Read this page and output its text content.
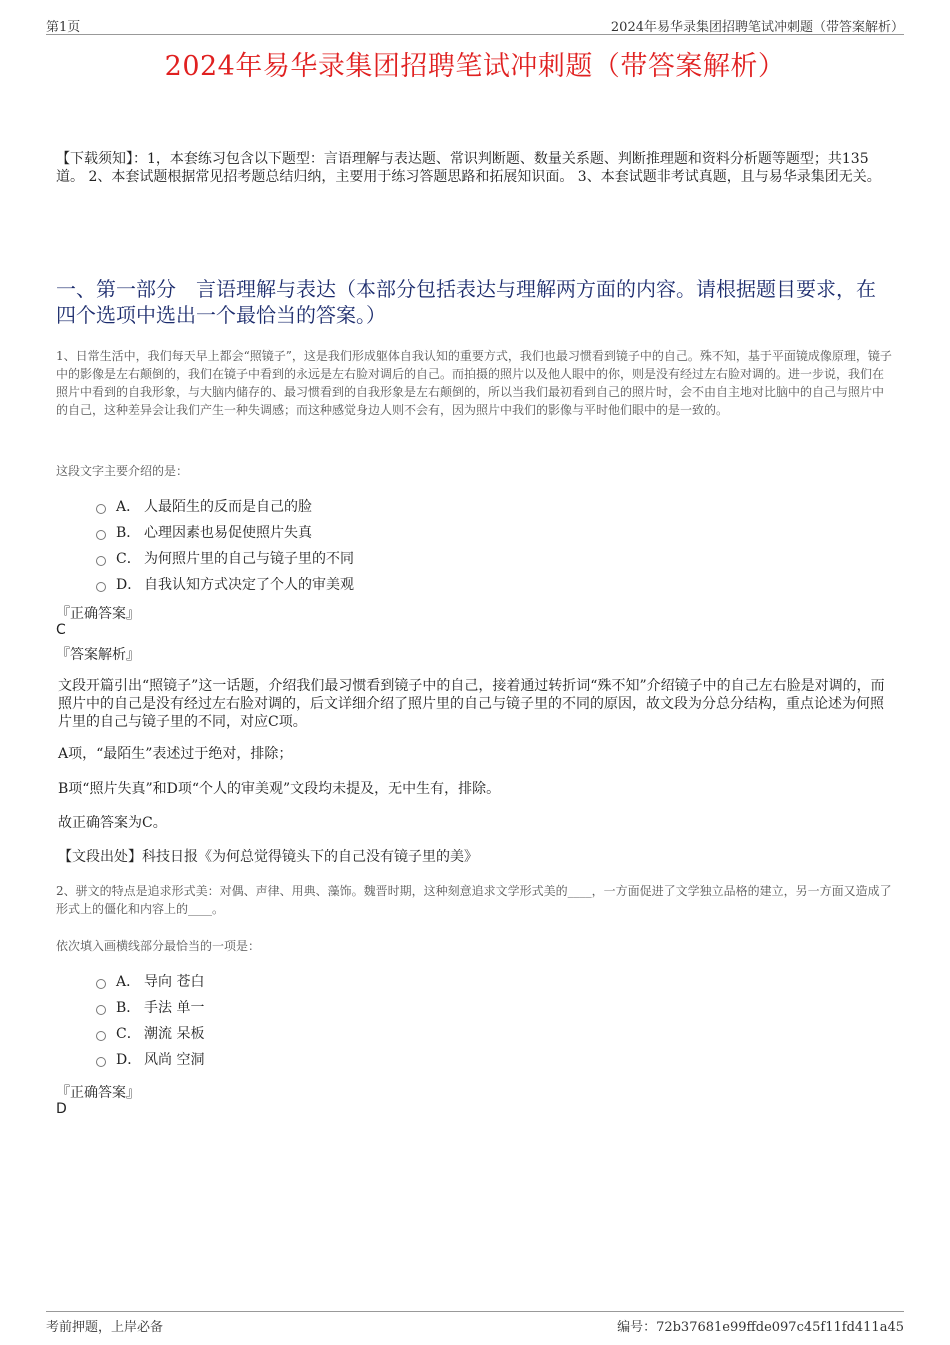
第1页	2024年易华录集团招聘笔试冲刺题（带答案解析）
2024年易华录集团招聘笔试冲刺题（带答案解析）
【下载须知】：1，本套练习包含以下题型：言语理解与表达题、常识判断题、数量关系题、判断推理题和资料分析题等题型；共135道。 2、本套试题根据常见招考题总结归纳，主要用于练习答题思路和拓展知识面。 3、本套试题非考试真题，且与易华录集团无关。
一、第一部分　言语理解与表达（本部分包括表达与理解两方面的内容。请根据题目要求，在四个选项中选出一个最恰当的答案。）
1、日常生活中，我们每天早上都会“照镜子”，这是我们形成躯体自我认知的重要方式，我们也最习惯看到镜子中的自己。殊不知，基于平面镜成像原理，镜子中的影像是左右颠倒的，我们在镜子中看到的永远是左右脸对调后的自己。而拍摄的照片以及他人眼中的你，则是没有经过左右脸对调的。进一步说，我们在照片中看到的自我形象，与大脑内储存的、最习惯看到的自我形象是左右颠倒的，所以当我们最初看到自己的照片时，会不由自主地对比脑中的自己与照片中的自己，这种差异会让我们产生一种失调感；而这种感觉身边人则不会有，因为照片中我们的影像与平时他们眼中的是一致的。
这段文字主要介绍的是：
A． 人最陌生的反而是自己的脸
B． 心理因素也易促使照片失真
C． 为何照片里的自己与镜子里的不同
D． 自我认知方式决定了个人的审美观
『正确答案』
C
『答案解析』
文段开篇引出“照镜子”这一话题，介绍我们最习惯看到镜子中的自己，接着通过转折词“殊不知”介绍镜子中的自己左右脸是对调的，而照片中的自己是没有经过左右脸对调的，后文详细介绍了照片里的自己与镜子里的不同的原因，故文段为分总分结构，重点论述为何照片里的自己与镜子里的不同，对应C项。
A项，“最陌生”表述过于绝对，排除；
B项“照片失真”和D项“个人的审美观”文段均未提及，无中生有，排除。
故正确答案为C。
【文段出处】科技日报《为何总觉得镜头下的自己没有镜子里的美》
2、骈文的特点是追求形式美：对偶、声律、用典、藻饰。魏晋时期，这种刻意追求文学形式美的____，一方面促进了文学独立品格的建立，另一方面又造成了形式上的僵化和内容上的____。
依次填入画横线部分最恰当的一项是：
A． 导向 苍白
B． 手法 单一
C． 潮流 呆板
D． 风尚 空洞
『正确答案』
D
考前押题，上岸必备	编号：72b37681e99ffde097c45f11fd411a45
